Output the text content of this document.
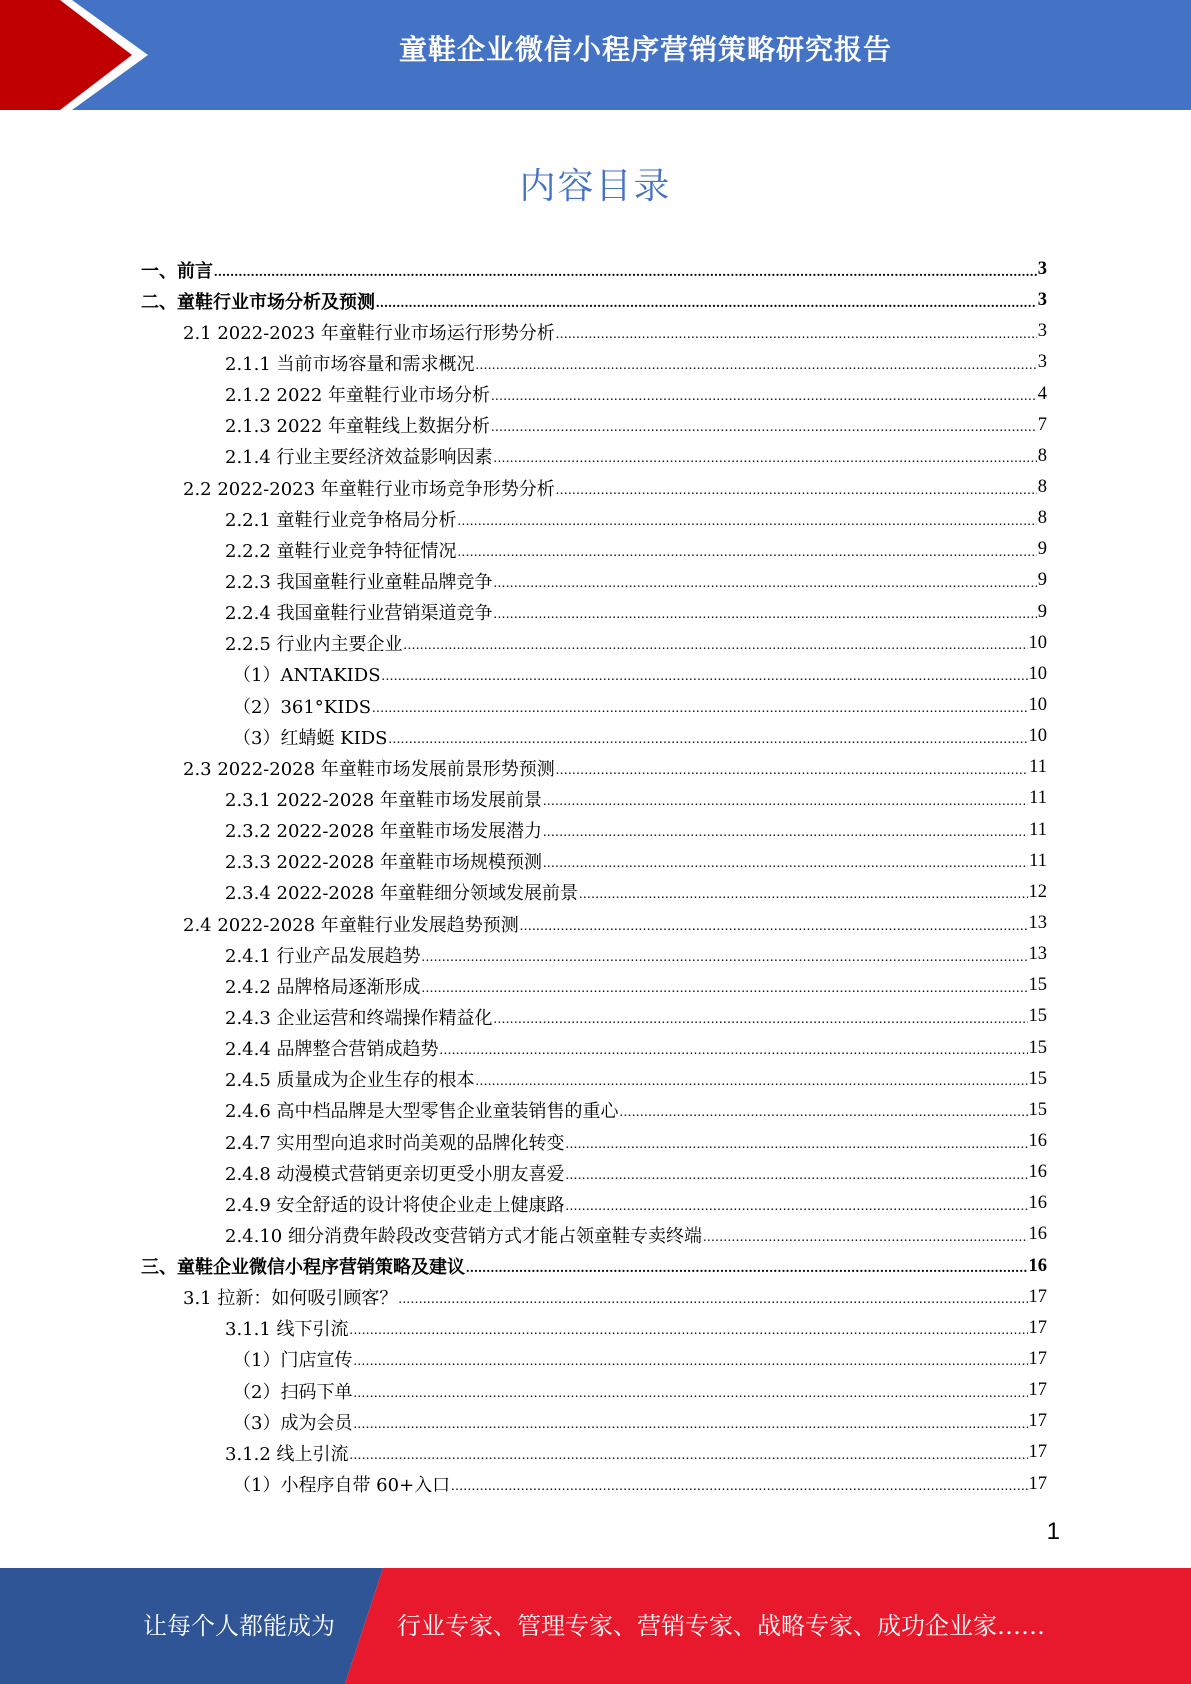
童鞋企业微信小程序营销策略研究报告
内容目录
一、前言 .....	3
二、童鞋行业市场分析及预测 .....	3
2.1 2022-2023 年童鞋行业市场运行形势分析 .....	3
2.1.1 当前市场容量和需求概况 .....	3
2.1.2 2022 年童鞋行业市场分析 .....	4
2.1.3 2022 年童鞋线上数据分析 .....	7
2.1.4 行业主要经济效益影响因素 .....	8
2.2 2022-2023 年童鞋行业市场竞争形势分析 .....	8
2.2.1 童鞋行业竞争格局分析 .....	8
2.2.2 童鞋行业竞争特征情况 .....	9
2.2.3 我国童鞋行业童鞋品牌竞争 .....	9
2.2.4 我国童鞋行业营销渠道竞争 .....	9
2.2.5 行业内主要企业 .....	10
（1）ANTAKIDS .....	10
（2）361°KIDS .....	10
（3）红蜻蜓 KIDS .....	10
2.3 2022-2028 年童鞋市场发展前景形势预测 .....	11
2.3.1 2022-2028 年童鞋市场发展前景 .....	11
2.3.2 2022-2028 年童鞋市场发展潜力 .....	11
2.3.3 2022-2028 年童鞋市场规模预测 .....	11
2.3.4 2022-2028 年童鞋细分领域发展前景 .....	12
2.4 2022-2028 年童鞋行业发展趋势预测 .....	13
2.4.1 行业产品发展趋势 .....	13
2.4.2 品牌格局逐渐形成 .....	15
2.4.3 企业运营和终端操作精益化 .....	15
2.4.4 品牌整合营销成趋势 .....	15
2.4.5 质量成为企业生存的根本 .....	15
2.4.6 高中档品牌是大型零售企业童装销售的重心 .....	15
2.4.7 实用型向追求时尚美观的品牌化转变 .....	16
2.4.8 动漫模式营销更亲切更受小朋友喜爱 .....	16
2.4.9 安全舒适的设计将使企业走上健康路 .....	16
2.4.10 细分消费年龄段改变营销方式才能占领童鞋专卖终端 .....	16
三、童鞋企业微信小程序营销策略及建议 .....	16
3.1 拉新：如何吸引顾客？ .....	17
3.1.1 线下引流 .....	17
（1）门店宣传 .....	17
（2）扫码下单 .....	17
（3）成为会员 .....	17
3.1.2 线上引流 .....	17
（1）小程序自带 60+入口 .....	17
1
让每个人都能成为	行业专家、管理专家、营销专家、战略专家、成功企业家……
